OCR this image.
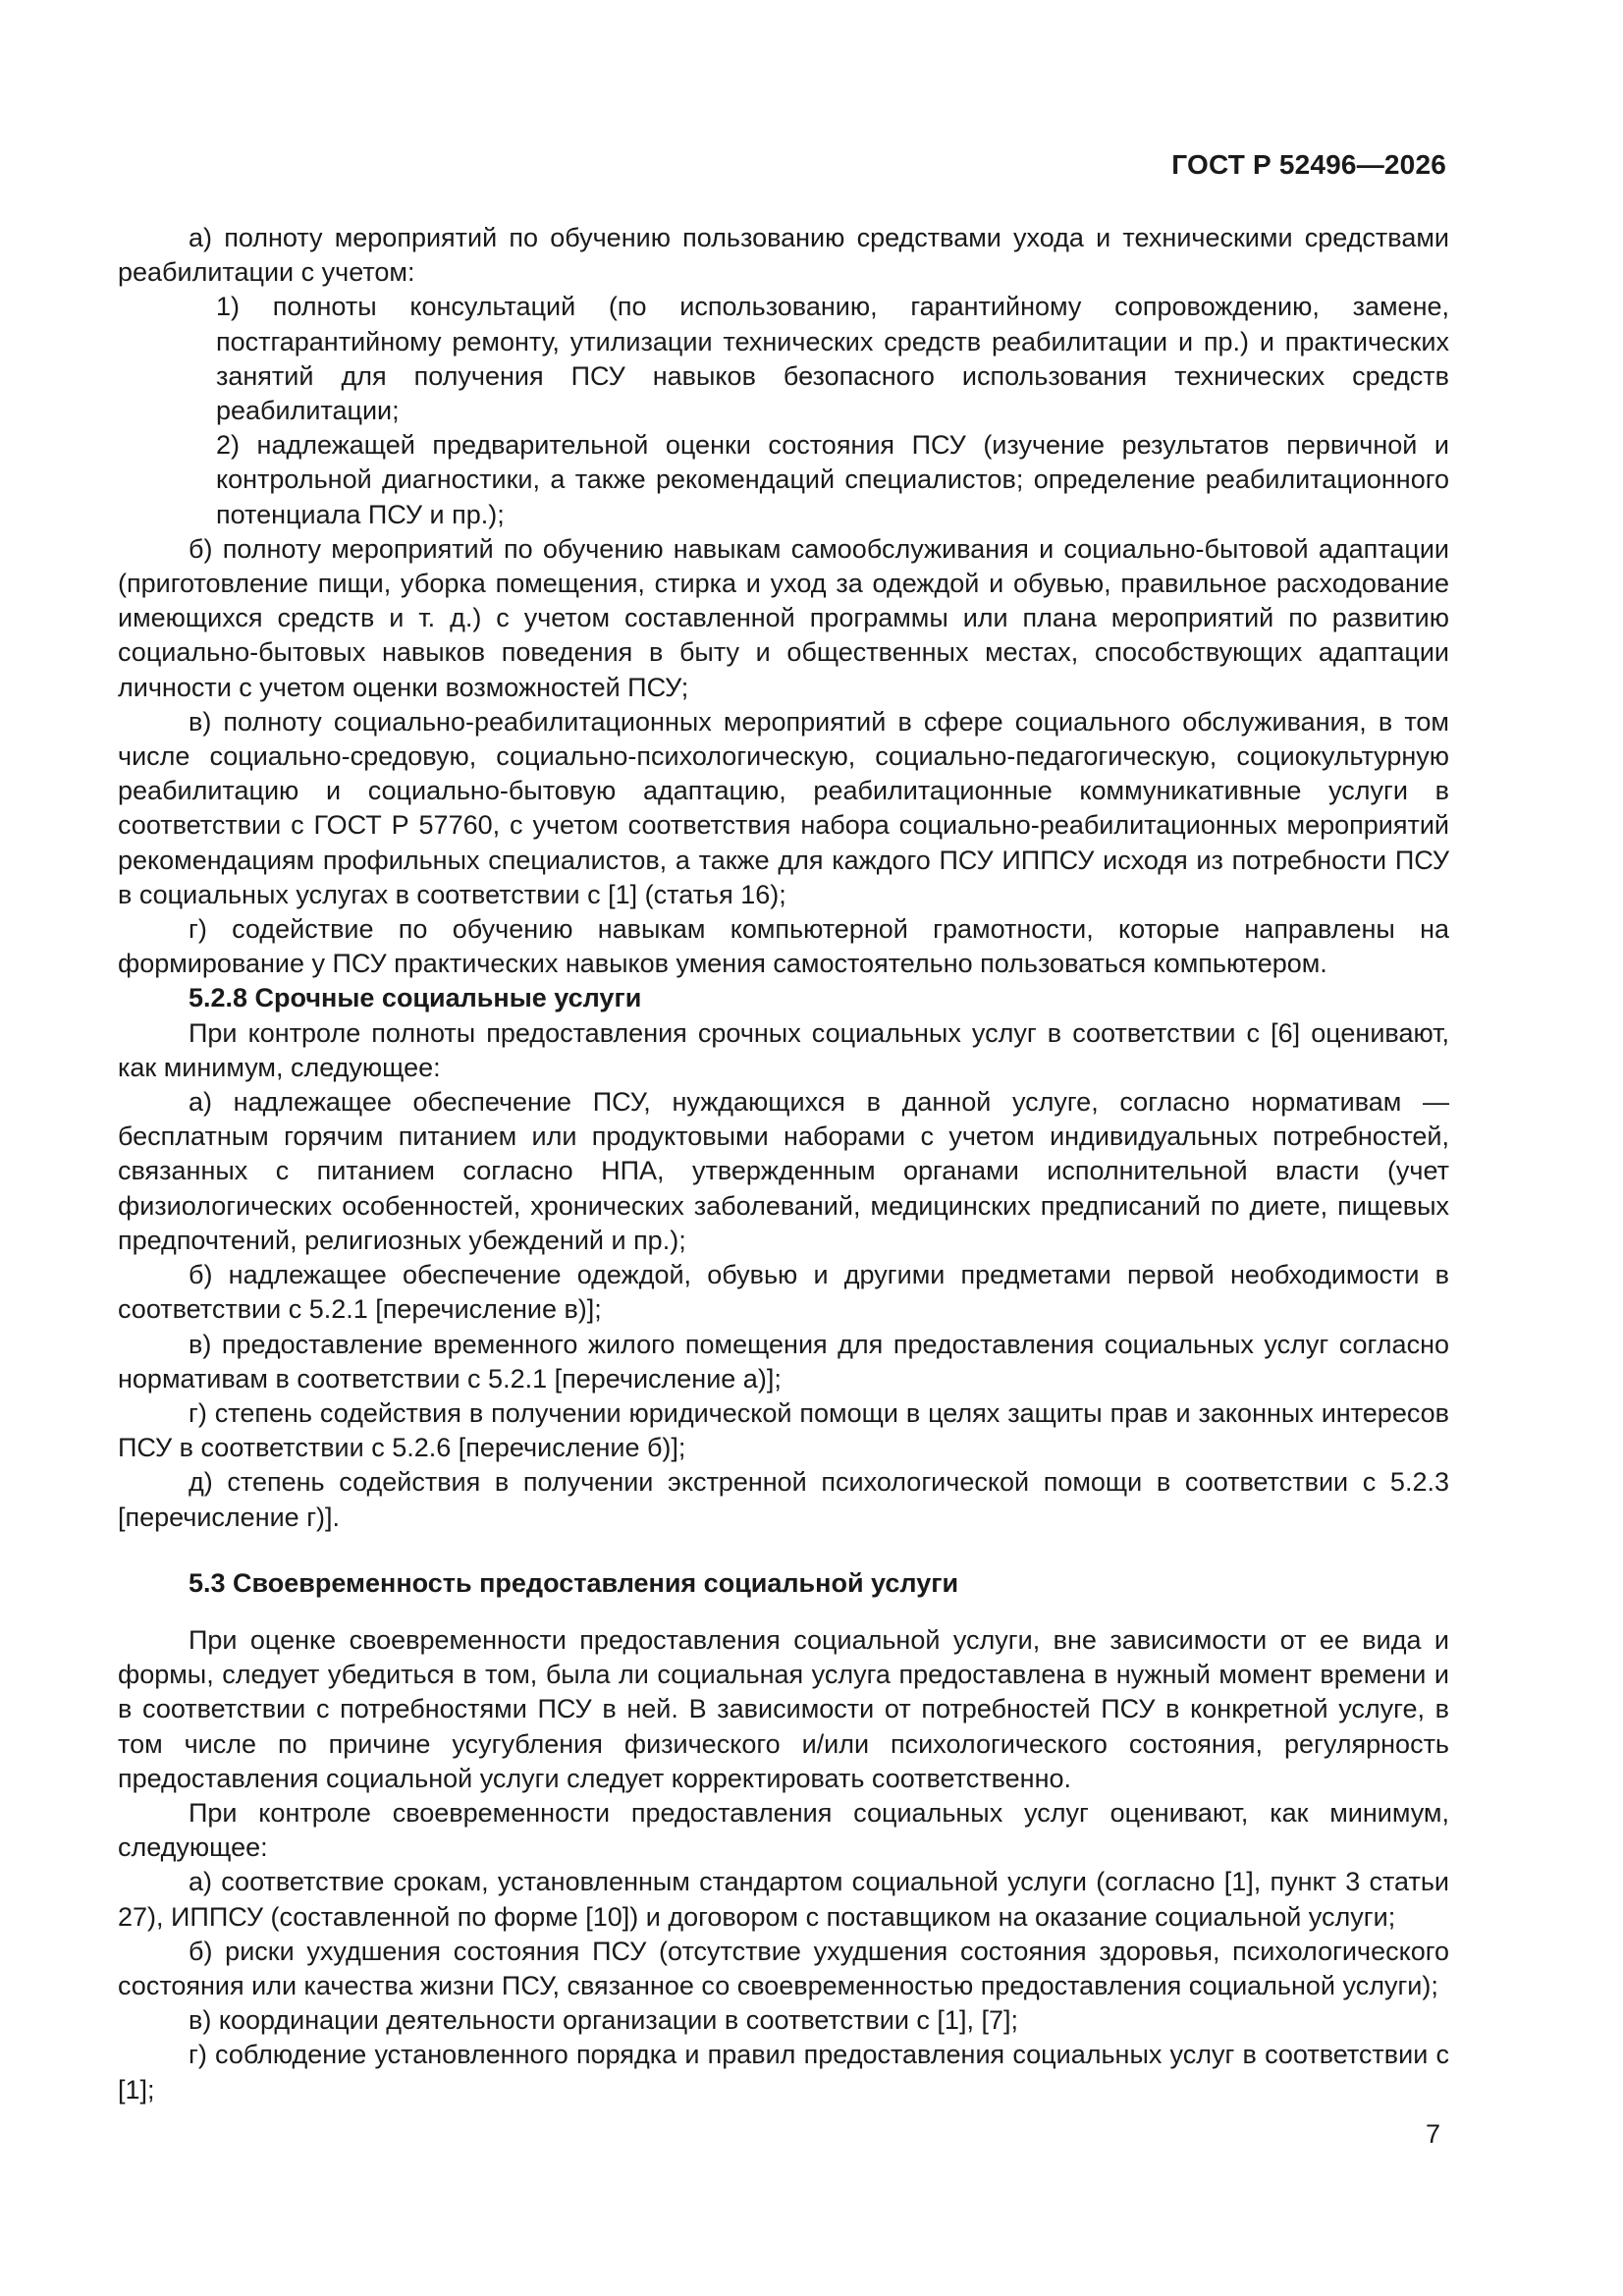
ГОСТ Р 52496—2026

а) полноту мероприятий по обучению пользованию средствами ухода и техническими средствами реабилитации с учетом:

1) полноты консультаций (по использованию, гарантийному сопровождению, замене, постгарантийному ремонту, утилизации технических средств реабилитации и пр.) и практических занятий для получения ПСУ навыков безопасного использования технических средств реабилитации;

2) надлежащей предварительной оценки состояния ПСУ (изучение результатов первичной и контрольной диагностики, а также рекомендаций специалистов; определение реабилитационного потенциала ПСУ и пр.);

б) полноту мероприятий по обучению навыкам самообслуживания и социально-бытовой адаптации (приготовление пищи, уборка помещения, стирка и уход за одеждой и обувью, правильное расходование имеющихся средств и т. д.) с учетом составленной программы или плана мероприятий по развитию социально-бытовых навыков поведения в быту и общественных местах, способствующих адаптации личности с учетом оценки возможностей ПСУ;

в) полноту социально-реабилитационных мероприятий в сфере социального обслуживания, в том числе социально-средовую, социально-психологическую, социально-педагогическую, социокультурную реабилитацию и социально-бытовую адаптацию, реабилитационные коммуникативные услуги в соответствии с ГОСТ Р 57760, с учетом соответствия набора социально-реабилитационных мероприятий рекомендациям профильных специалистов, а также для каждого ПСУ ИППСУ исходя из потребности ПСУ в социальных услугах в соответствии с [1] (статья 16);

г) содействие по обучению навыкам компьютерной грамотности, которые направлены на формирование у ПСУ практических навыков умения самостоятельно пользоваться компьютером.

5.2.8 Срочные социальные услуги

При контроле полноты предоставления срочных социальных услуг в соответствии с [6] оценивают, как минимум, следующее:

а) надлежащее обеспечение ПСУ, нуждающихся в данной услуге, согласно нормативам — бесплатным горячим питанием или продуктовыми наборами с учетом индивидуальных потребностей, связанных с питанием согласно НПА, утвержденным органами исполнительной власти (учет физиологических особенностей, хронических заболеваний, медицинских предписаний по диете, пищевых предпочтений, религиозных убеждений и пр.);

б) надлежащее обеспечение одеждой, обувью и другими предметами первой необходимости в соответствии с 5.2.1 [перечисление в)];

в) предоставление временного жилого помещения для предоставления социальных услуг согласно нормативам в соответствии с 5.2.1 [перечисление а)];

г) степень содействия в получении юридической помощи в целях защиты прав и законных интересов ПСУ в соответствии с 5.2.6 [перечисление б)];

д) степень содействия в получении экстренной психологической помощи в соответствии с 5.2.3 [перечисление г)].

5.3 Своевременность предоставления социальной услуги

При оценке своевременности предоставления социальной услуги, вне зависимости от ее вида и формы, следует убедиться в том, была ли социальная услуга предоставлена в нужный момент времени и в соответствии с потребностями ПСУ в ней. В зависимости от потребностей ПСУ в конкретной услуге, в том числе по причине усугубления физического и/или психологического состояния, регулярность предоставления социальной услуги следует корректировать соответственно.

При контроле своевременности предоставления социальных услуг оценивают, как минимум, следующее:

а) соответствие срокам, установленным стандартом социальной услуги (согласно [1], пункт 3 статьи 27), ИППСУ (составленной по форме [10]) и договором с поставщиком на оказание социальной услуги;

б) риски ухудшения состояния ПСУ (отсутствие ухудшения состояния здоровья, психологического состояния или качества жизни ПСУ, связанное со своевременностью предоставления социальной услуги);

в) координации деятельности организации в соответствии с [1], [7];

г) соблюдение установленного порядка и правил предоставления социальных услуг в соответствии с [1];

7
